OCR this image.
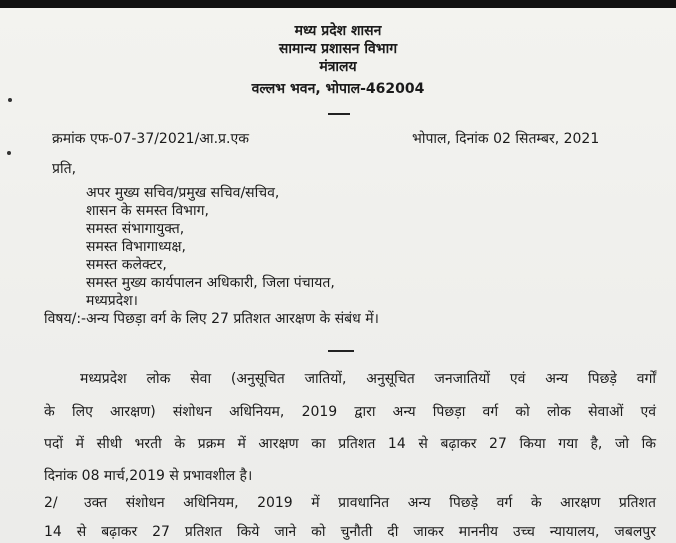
मध्य प्रदेश शासन
सामान्य प्रशासन विभाग
मंत्रालय
वल्लभ भवन, भोपाल-462004
क्रमांक एफ-07-37/2021/आ.प्र.एक	भोपाल, दिनांक 02 सितम्बर, 2021
प्रति,
अपर मुख्य सचिव/प्रमुख सचिव/सचिव,
शासन के समस्त विभाग,
समस्त संभागायुक्त,
समस्त विभागाध्यक्ष,
समस्त कलेक्टर,
समस्त मुख्य कार्यपालन अधिकारी, जिला पंचायत,
मध्यप्रदेश।
विषय/:-अन्य पिछड़ा वर्ग के लिए 27 प्रतिशत आरक्षण के संबंध में।
मध्यप्रदेश लोक सेवा (अनुसूचित जातियों, अनुसूचित जनजातियों एवं अन्य पिछड़े वर्गों
के लिए आरक्षण) संशोधन अधिनियम, 2019 द्वारा अन्य पिछड़ा वर्ग को लोक सेवाओं एवं
पदों में सीधी भरती के प्रक्रम में आरक्षण का प्रतिशत 14 से बढ़ाकर 27 किया गया है, जो कि
दिनांक 08 मार्च,2019 से प्रभावशील है।
2/ उक्त संशोधन अधिनियम, 2019 में प्रावधानित अन्य पिछड़े वर्ग के आरक्षण प्रतिशत
14 से बढ़ाकर 27 प्रतिशत किये जाने को चुनौती दी जाकर माननीय उच्च न्यायालय, जबलपुर
